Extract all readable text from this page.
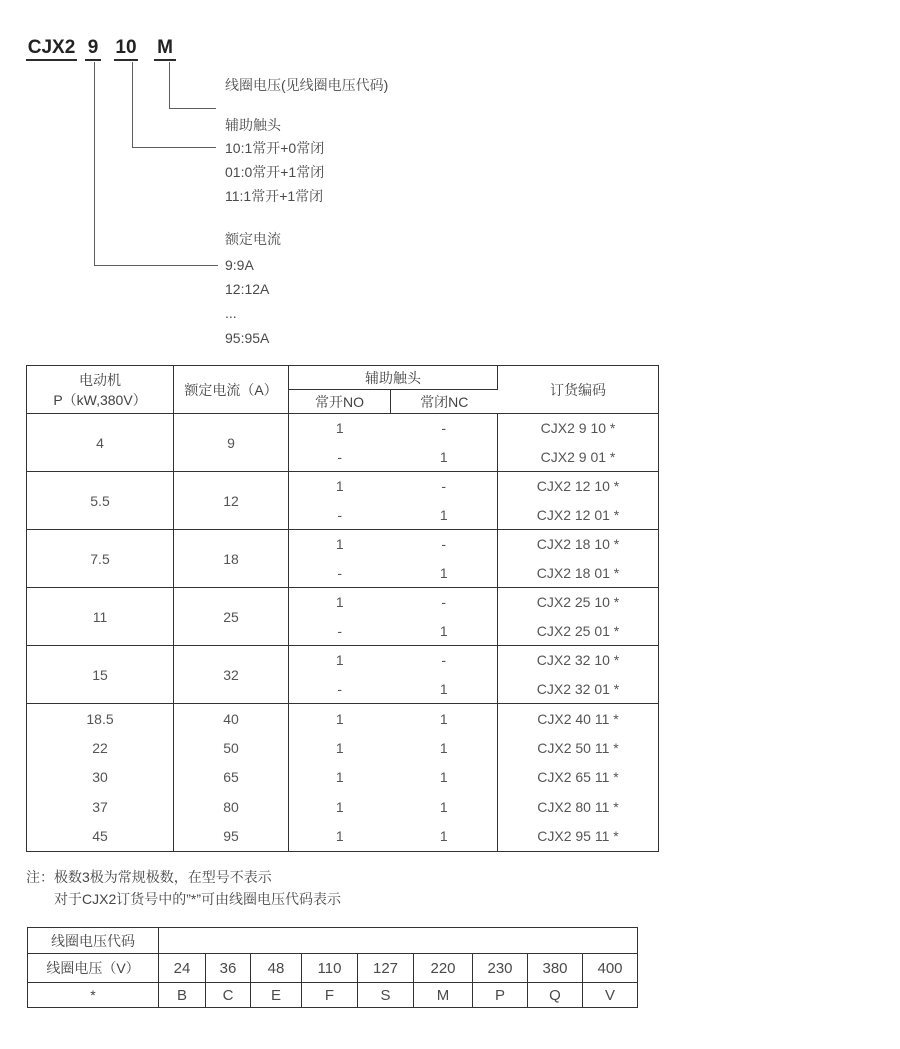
CJX2 9 10 M
线圈电压(见线圈电压代码)
辅助触头
10:1常开+0常闭
01:0常开+1常闭
11:1常开+1常闭
额定电流
9:9A
12:12A
...
95:95A
电动机
P（kW,380V）	额定电流（A）	辅助触头		订货编码
		常开NO	常闭NC	
4	9	1	-	CJX2 9 10 *
		-	1	CJX2 9 01 *
5.5	12	1	-	CJX2 12 10 *
		-	1	CJX2 12 01 *
7.5	18	1	-	CJX2 18 10 *
		-	1	CJX2 18 01 *
11	25	1	-	CJX2 25 10 *
		-	1	CJX2 25 01 *
15	32	1	-	CJX2 32 10 *
		-	1	CJX2 32 01 *
18.5	40	1	1	CJX2 40 11 *
22	50	1	1	CJX2 50 11 *
30	65	1	1	CJX2 65 11 *
37	80	1	1	CJX2 80 11 *
45	95	1	1	CJX2 95 11 *
注：极数3极为常规极数，在型号不表示
对于CJX2订货号中的”*”可由线圈电压代码表示
线圈电压代码									
线圈电压（V）	24	36	48	110	127	220	230	380	400
*	B	C	E	F	S	M	P	Q	V
